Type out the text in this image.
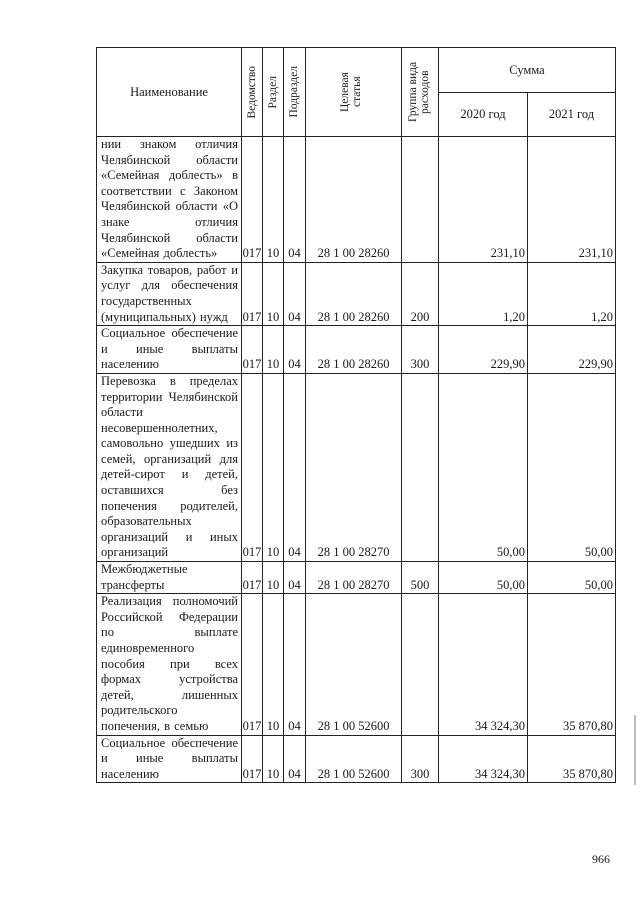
Наименование	Ведомство	Раздел	Подраздел	Целевая статья	Группа вида расходов	Сумма	
						2020 год	2021 год
нии знаком отличия Челябинской области «Семейная доблесть» в соответствии с Законом Челябинской области «О знаке отличия Челябинской области «Семейная доблесть»	017	10	04	28 1 00 28260		231,10	231,10
Закупка товаров, работ и услуг для обеспечения государственных (муниципальных) нужд	017	10	04	28 1 00 28260	200	1,20	1,20
Социальное обеспечение и иные выплаты населению	017	10	04	28 1 00 28260	300	229,90	229,90
Перевозка в пределах территории Челябинской области несовершеннолетних, самовольно ушедших из семей, организаций для детей-сирот и детей, оставшихся без попечения родителей, образовательных организаций и иных организаций	017	10	04	28 1 00 28270		50,00	50,00
Межбюджетные трансферты	017	10	04	28 1 00 28270	500	50,00	50,00
Реализация полномочий Российской Федерации по выплате единовременного пособия при всех формах устройства детей, лишенных родительского попечения, в семью	017	10	04	28 1 00 52600		34 324,30	35 870,80
Социальное обеспечение и иные выплаты населению	017	10	04	28 1 00 52600	300	34 324,30	35 870,80
966
